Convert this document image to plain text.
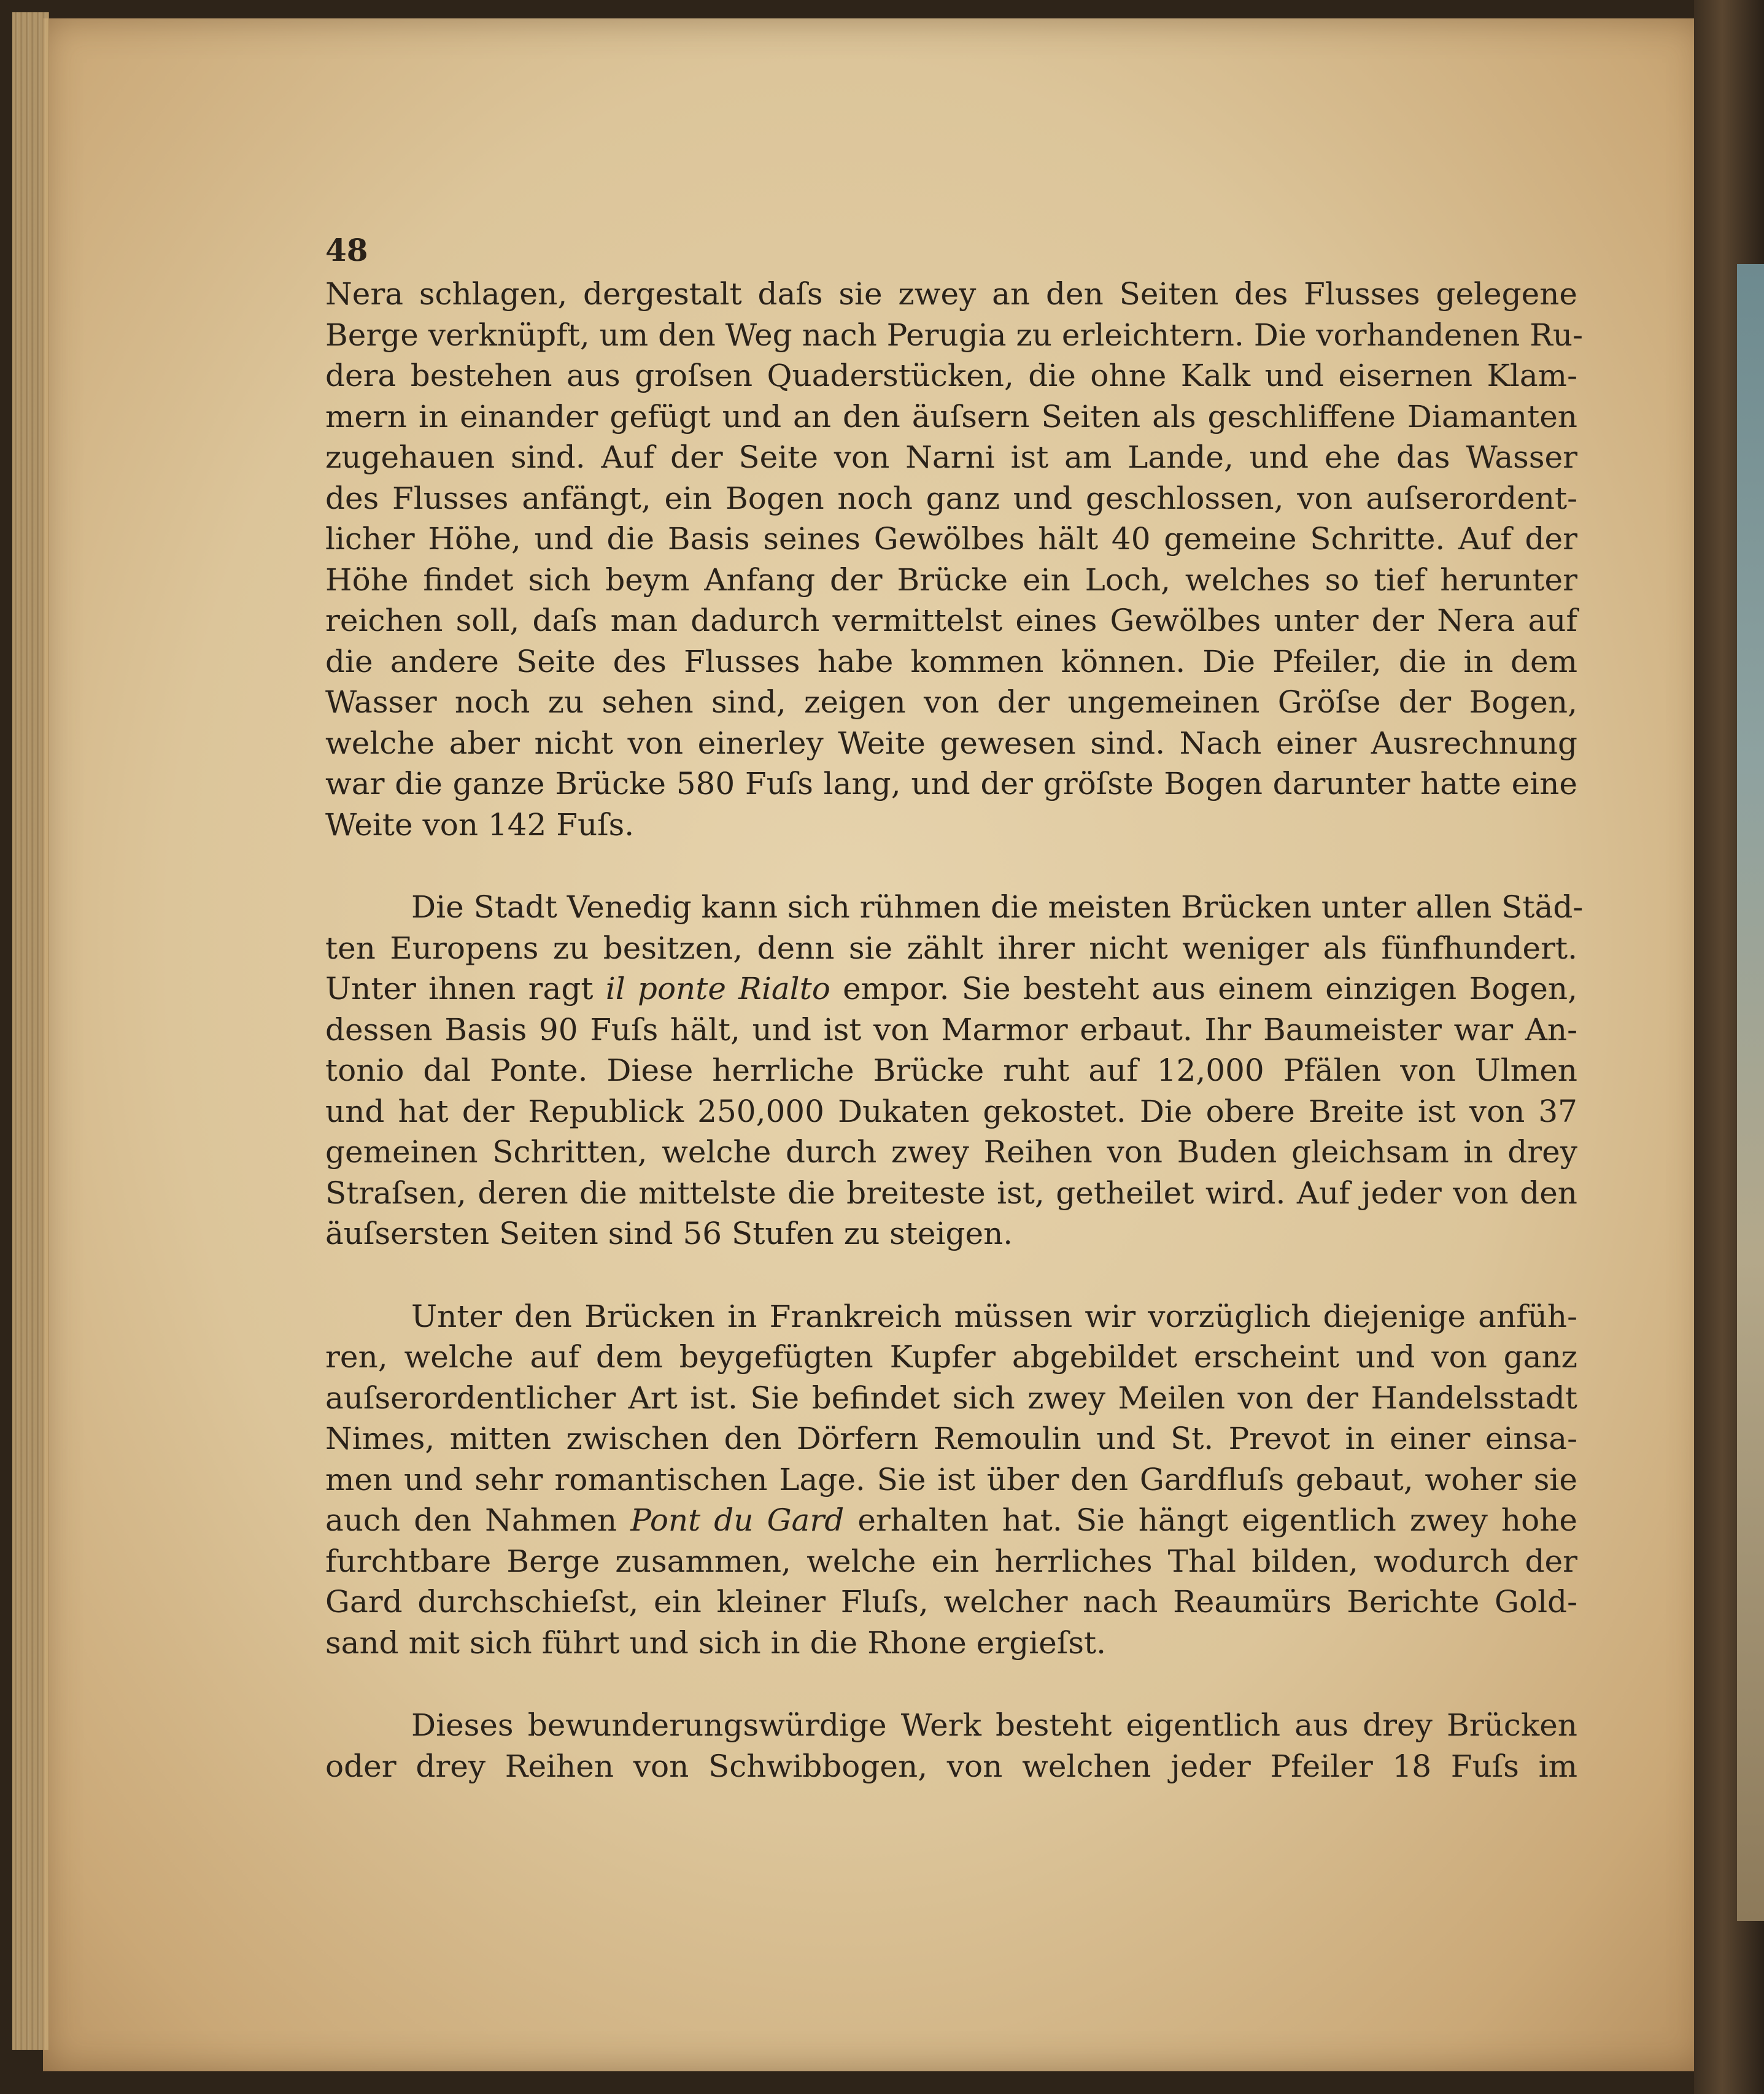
48
Nera schlagen, dergestalt daſs sie zwey an den Seiten des Flusses gelegene
Berge verknüpft, um den Weg nach Perugia zu erleichtern. Die vorhandenen Ru-
dera bestehen aus groſsen Quaderstücken, die ohne Kalk und eisernen Klam-
mern in einander gefügt und an den äuſsern Seiten als geschliffene Diamanten
zugehauen sind. Auf der Seite von Narni ist am Lande, und ehe das Wasser
des Flusses anfängt, ein Bogen noch ganz und geschlossen, von auſserordent-
licher Höhe, und die Basis seines Gewölbes hält 40 gemeine Schritte. Auf der
Höhe findet sich beym Anfang der Brücke ein Loch, welches so tief herunter
reichen soll, daſs man dadurch vermittelst eines Gewölbes unter der Nera auf
die andere Seite des Flusses habe kommen können. Die Pfeiler, die in dem
Wasser noch zu sehen sind, zeigen von der ungemeinen Gröſse der Bogen,
welche aber nicht von einerley Weite gewesen sind. Nach einer Ausrechnung
war die ganze Brücke 580 Fuſs lang, und der gröſste Bogen darunter hatte eine
Weite von 142 Fuſs.
Die Stadt Venedig kann sich rühmen die meisten Brücken unter allen Städ-
ten Europens zu besitzen, denn sie zählt ihrer nicht weniger als fünfhundert.
Unter ihnen ragt il ponte Rialto empor. Sie besteht aus einem einzigen Bogen,
dessen Basis 90 Fuſs hält, und ist von Marmor erbaut. Ihr Baumeister war An-
tonio dal Ponte. Diese herrliche Brücke ruht auf 12,000 Pfälen von Ulmen
und hat der Republick 250,000 Dukaten gekostet. Die obere Breite ist von 37
gemeinen Schritten, welche durch zwey Reihen von Buden gleichsam in drey
Straſsen, deren die mittelste die breiteste ist, getheilet wird. Auf jeder von den
äuſsersten Seiten sind 56 Stufen zu steigen.
Unter den Brücken in Frankreich müssen wir vorzüglich diejenige anfüh-
ren, welche auf dem beygefügten Kupfer abgebildet erscheint und von ganz
auſserordentlicher Art ist. Sie befindet sich zwey Meilen von der Handelsstadt
Nimes, mitten zwischen den Dörfern Remoulin und St. Prevot in einer einsa-
men und sehr romantischen Lage. Sie ist über den Gardfluſs gebaut, woher sie
auch den Nahmen Pont du Gard erhalten hat. Sie hängt eigentlich zwey hohe
furchtbare Berge zusammen, welche ein herrliches Thal bilden, wodurch der
Gard durchschieſst, ein kleiner Fluſs, welcher nach Reaumürs Berichte Gold-
sand mit sich führt und sich in die Rhone ergieſst.
Dieses bewunderungswürdige Werk besteht eigentlich aus drey Brücken
oder drey Reihen von Schwibbogen, von welchen jeder Pfeiler 18 Fuſs im
